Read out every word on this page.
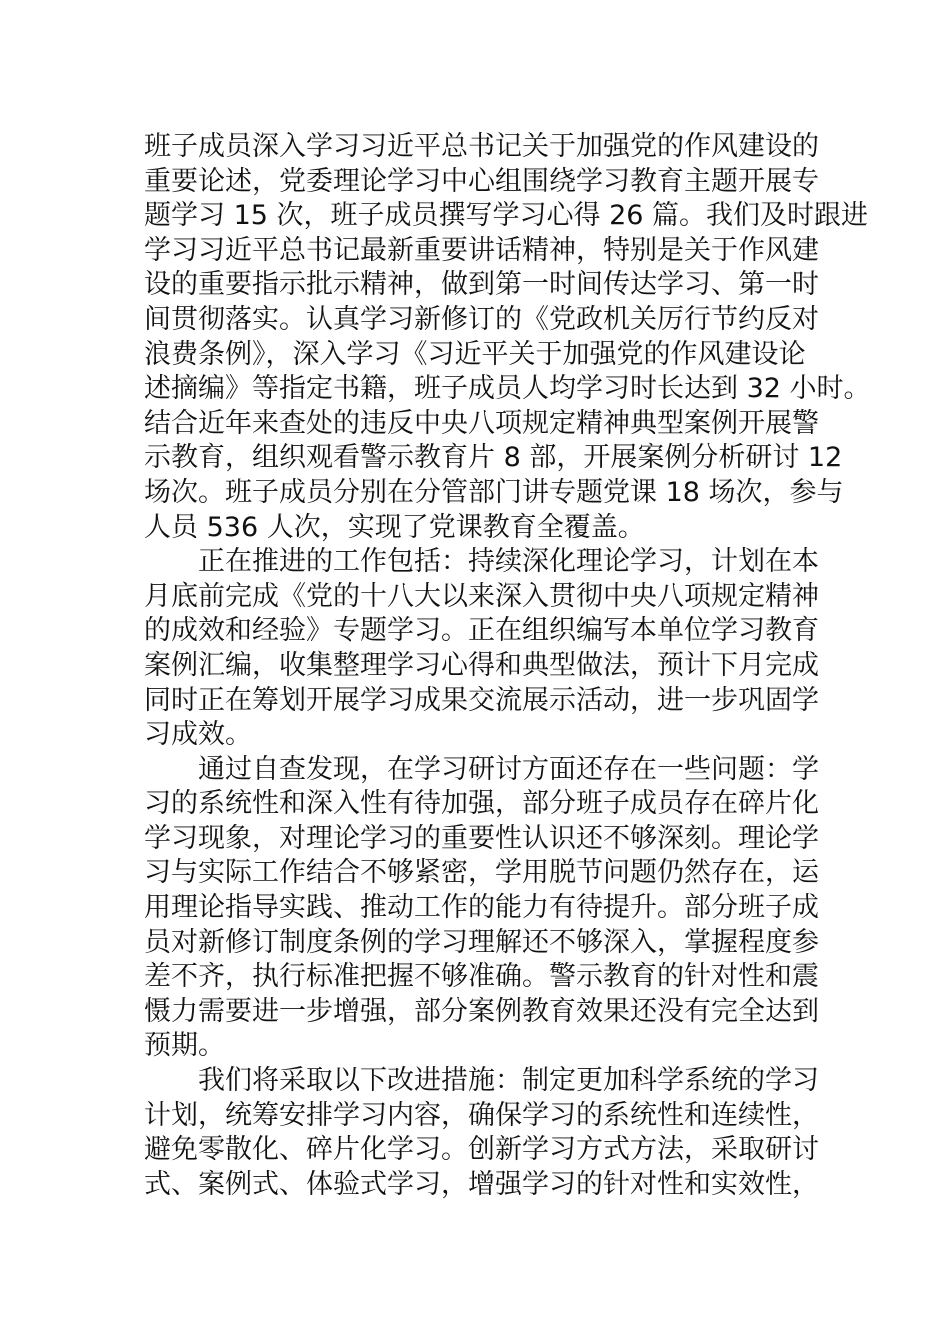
班子成员深入学习习近平总书记关于加强党的作风建设的
重要论述，党委理论学习中心组围绕学习教育主题开展专
题学习 15 次，班子成员撰写学习心得 26 篇。我们及时跟进
学习习近平总书记最新重要讲话精神，特别是关于作风建
设的重要指示批示精神，做到第一时间传达学习、第一时
间贯彻落实。认真学习新修订的《党政机关厉行节约反对
浪费条例》，深入学习《习近平关于加强党的作风建设论
述摘编》等指定书籍，班子成员人均学习时长达到 32 小时。
结合近年来查处的违反中央八项规定精神典型案例开展警
示教育，组织观看警示教育片 8 部，开展案例分析研讨 12
场次。班子成员分别在分管部门讲专题党课 18 场次，参与
人员 536 人次，实现了党课教育全覆盖。
正在推进的工作包括：持续深化理论学习，计划在本
月底前完成《党的十八大以来深入贯彻中央八项规定精神
的成效和经验》专题学习。正在组织编写本单位学习教育
案例汇编，收集整理学习心得和典型做法，预计下月完成
同时正在筹划开展学习成果交流展示活动，进一步巩固学
习成效。
通过自查发现，在学习研讨方面还存在一些问题：学
习的系统性和深入性有待加强，部分班子成员存在碎片化
学习现象，对理论学习的重要性认识还不够深刻。理论学
习与实际工作结合不够紧密，学用脱节问题仍然存在，运
用理论指导实践、推动工作的能力有待提升。部分班子成
员对新修订制度条例的学习理解还不够深入，掌握程度参
差不齐，执行标准把握不够准确。警示教育的针对性和震
慑力需要进一步增强，部分案例教育效果还没有完全达到
预期。
我们将采取以下改进措施：制定更加科学系统的学习
计划，统筹安排学习内容，确保学习的系统性和连续性，
避免零散化、碎片化学习。创新学习方式方法，采取研讨
式、案例式、体验式学习，增强学习的针对性和实效性，
